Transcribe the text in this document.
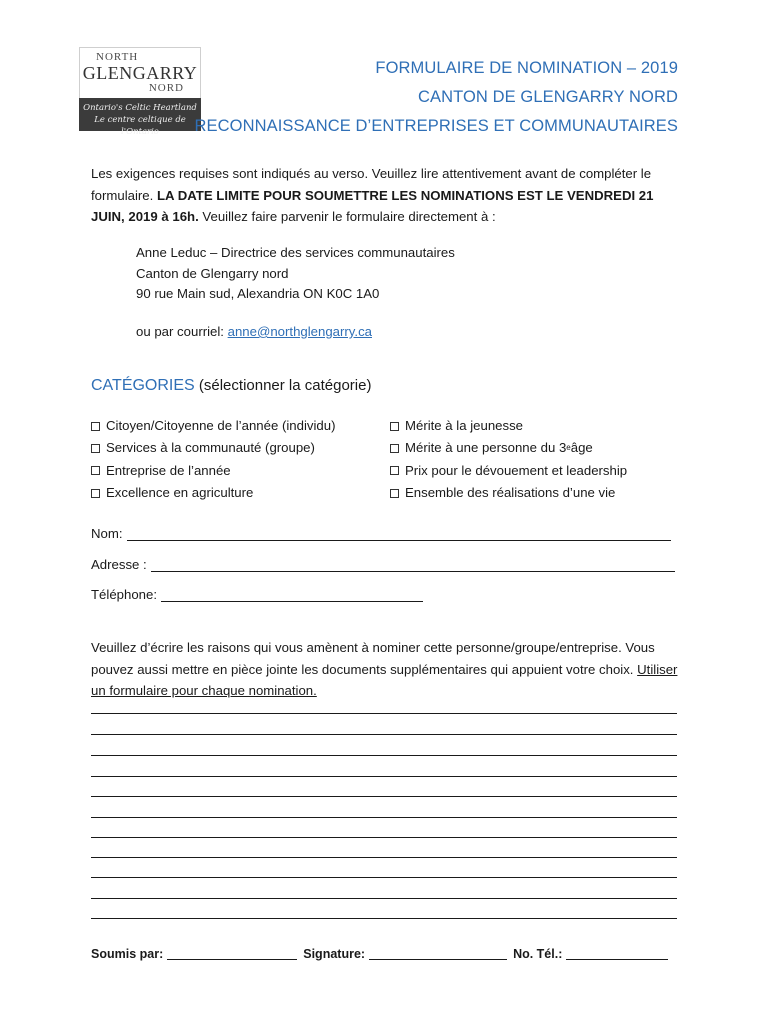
NORTH
GLENGARRY
NORD
Ontario's Celtic Heartland
Le centre celtique de l'Ontario
FORMULAIRE DE NOMINATION – 2019
CANTON DE GLENGARRY NORD
RECONNAISSANCE D’ENTREPRISES ET COMMUNAUTAIRES
Les exigences requises sont indiqués au verso. Veuillez lire attentivement avant de compléter le formulaire. LA DATE LIMITE POUR SOUMETTRE LES NOMINATIONS EST LE VENDREDI 21 JUIN, 2019 à 16h. Veuillez faire parvenir le formulaire directement à :
Anne Leduc – Directrice des services communautaires
Canton de Glengarry nord
90 rue Main sud, Alexandria ON K0C 1A0
ou par courriel: anne@northglengarry.ca
CATÉGORIES (sélectionner la catégorie)
Citoyen/Citoyenne de l’année (individu)
Services à la communauté (groupe)
Entreprise de l’année
Excellence en agriculture
Mérite à la jeunesse
Mérite à une personne du 3 e âge
Prix pour le dévouement et leadership
Ensemble des réalisations d’une vie
Nom:
Adresse :
Téléphone:
Veuillez d’écrire les raisons qui vous amènent à nominer cette personne/groupe/entreprise. Vous pouvez aussi mettre en pièce jointe les documents supplémentaires qui appuient votre choix. Utiliser un formulaire pour chaque nomination.
Soumis par:	Signature:	No. Tél.:
